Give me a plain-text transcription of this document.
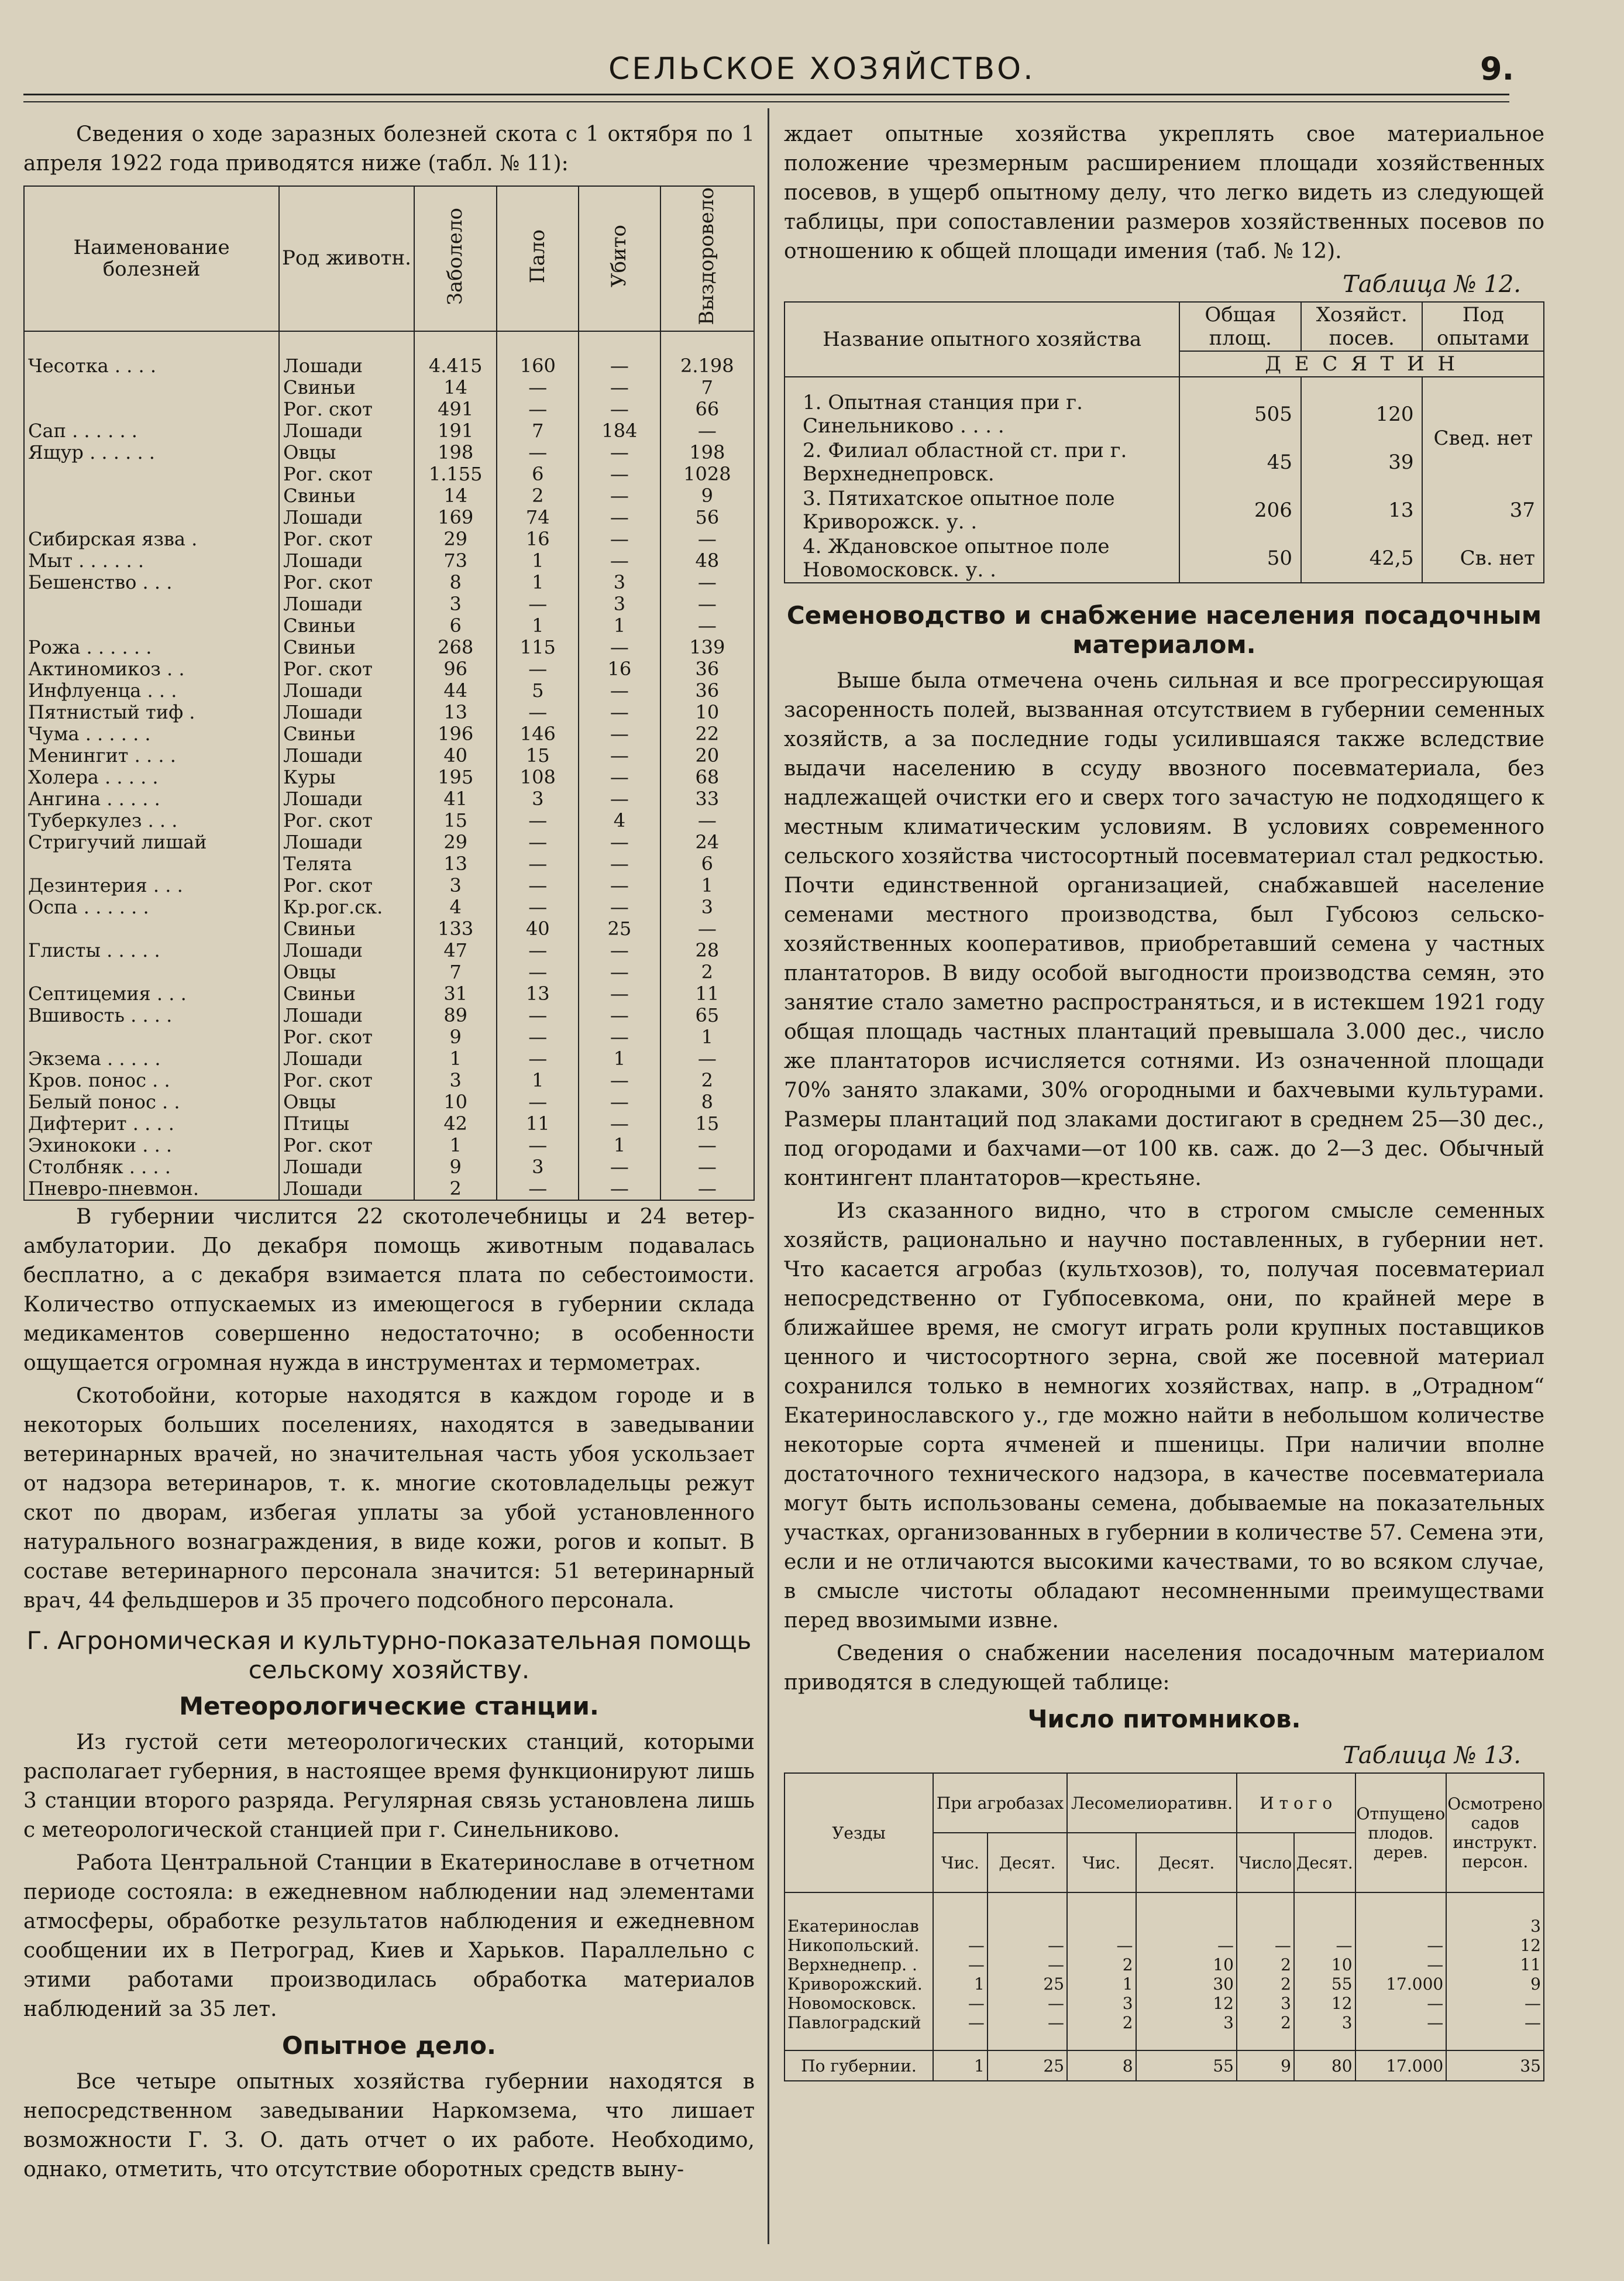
СЕЛЬСКОЕ ХОЗЯЙСТВО.	9.

Сведения о ходе заразных болезней скота с 1 октября по 1 апреля 1922 года приводятся ниже (табл. № 11):

Наименование болезней	Род животн.	Заболело	Пало	Убито	Выздоровело

Чесотка . . . .	Лошади	4.415	160	—	2.198
	Свиньи	14	—	—	7
	Рог. скот	491	—	—	66
Сап . . . . . .	Лошади	191	7	184	—
Ящур . . . . . .	Овцы	198	—	—	198
	Рог. скот	1.155	6	—	1028
	Свиньи	14	2	—	9
	Лошади	169	74	—	56
Сибирская язва .	Рог. скот	29	16	—	—
Мыт . . . . . .	Лошади	73	1	—	48
Бешенство . . .	Рог. скот	8	1	3	—
	Лошади	3	—	3	—
	Свиньи	6	1	1	—
Рожа . . . . . .	Свиньи	268	115	—	139
Актиномикоз . .	Рог. скот	96	—	16	36
Инфлуенца . . .	Лошади	44	5	—	36
Пятнистый тиф .	Лошади	13	—	—	10
Чума . . . . . .	Свиньи	196	146	—	22
Менингит . . . .	Лошади	40	15	—	20
Холера . . . . .	Куры	195	108	—	68
Ангина . . . . .	Лошади	41	3	—	33
Туберкулез . . .	Рог. скот	15	—	4	—
Стригучий лишай	Лошади	29	—	—	24
	Телята	13	—	—	6
Дезинтерия . . .	Рог. скот	3	—	—	1
Оспа . . . . . .	Кр.рог.ск.	4	—	—	3
	Свиньи	133	40	25	—
Глисты . . . . .	Лошади	47	—	—	28
	Овцы	7	—	—	2
Септицемия . . .	Свиньи	31	13	—	11
Вшивость . . . .	Лошади	89	—	—	65
	Рог. скот	9	—	—	1
Экзема . . . . .	Лошади	1	—	1	—
Кров. понос . .	Рог. скот	3	1	—	2
Белый понос . .	Овцы	10	—	—	8
Дифтерит . . . .	Птицы	42	11	—	15
Эхинококи . . .	Рог. скот	1	—	1	—
Столбняк . . . .	Лошади	9	3	—	—
Пневро-пневмон.	Лошади	2	—	—	—

В губернии числится 22 скотолечебницы и 24 ветер-амбулатории. До декабря помощь животным подавалась бесплатно, а с декабря взимается плата по себестоимости. Количество отпускаемых из имеющегося в губернии склада медикаментов совершенно недостаточно; в особенности ощущается огромная нужда в инструментах и термометрах.

Скотобойни, которые находятся в каждом городе и в некоторых больших поселениях, находятся в заведывании ветеринарных врачей, но значительная часть убоя ускользает от надзора ветеринаров, т. к. многие скотовладельцы режут скот по дворам, избегая уплаты за убой установленного натурального вознаграждения, в виде кожи, рогов и копыт. В составе ветеринарного персонала значится: 51 ветеринарный врач, 44 фельдшеров и 35 прочего подсобного персонала.

Г. Агрономическая и культурно-показательная помощь сельскому хозяйству.
Метеорологические станции.

Из густой сети метеорологических станций, которыми располагает губерния, в настоящее время функционируют лишь 3 станции второго разряда. Регулярная связь установлена лишь с метеорологической станцией при г. Синельниково.

Работа Центральной Станции в Екатеринославе в отчетном периоде состояла: в ежедневном наблюдении над элементами атмосферы, обработке результатов наблюдения и ежедневном сообщении их в Петроград, Киев и Харьков. Параллельно с этими работами производилась обработка материалов наблюдений за 35 лет.

Опытное дело.

Все четыре опытных хозяйства губернии находятся в непосредственном заведывании Наркомзема, что лишает возможности Г. З. О. дать отчет о их работе. Необходимо, однако, отметить, что отсутствие оборотных средств выну-

ждает опытные хозяйства укреплять свое материальное положение чрезмерным расширением площади хозяйственных посевов, в ущерб опытному делу, что легко видеть из следующей таблицы, при сопоставлении размеров хозяйственных посевов по отношению к общей площади имения (таб. № 12).

Таблица № 12.
Название опытного хозяйства	Общая площ.	Хозяйст. посев.	Под опытами
	Д Е С Я Т И Н		

1. Опытная станция при г. Синельниково . . . .	505	120	Свед. нет
2. Филиал областной ст. при г. Верхнеднепровск.	45	39	
3. Пятихатское опытное поле Криворожск. у. .	206	13	37
4. Ждановское опытное поле Новомосковск. у. .	50	42,5	Св. нет
Семеноводство и снабжение населения посадочным материалом.

Выше была отмечена очень сильная и все прогрессирующая засоренность полей, вызванная отсутствием в губернии семенных хозяйств, а за последние годы усилившаяся также вследствие выдачи населению в ссуду ввозного посевматериала, без надлежащей очистки его и сверх того зачастую не подходящего к местным климатическим условиям. В условиях современного сельского хозяйства чистосортный посевматериал стал редкостью. Почти единственной организацией, снабжавшей население семенами местного производства, был Губсоюз сельско-хозяйственных кооперативов, приобретавший семена у частных плантаторов. В виду особой выгодности производства семян, это занятие стало заметно распространяться, и в истекшем 1921 году общая площадь частных плантаций превышала 3.000 дес., число же плантаторов исчисляется сотнями. Из означенной площади 70% занято злаками, 30% огородными и бахчевыми культурами. Размеры плантаций под злаками достигают в среднем 25—30 дес., под огородами и бахчами—от 100 кв. саж. до 2—3 дес. Обычный контингент плантаторов—крестьяне.

Из сказанного видно, что в строгом смысле семенных хозяйств, рационально и научно поставленных, в губернии нет. Что касается агробаз (культхозов), то, получая посевматериал непосредственно от Губпосевкома, они, по крайней мере в ближайшее время, не смогут играть роли крупных поставщиков ценного и чистосортного зерна, свой же посевной материал сохранился только в немногих хозяйствах, напр. в „Отрадном“ Екатеринославского у., где можно найти в небольшом количестве некоторые сорта ячменей и пшеницы. При наличии вполне достаточного технического надзора, в качестве посевматериала могут быть использованы семена, добываемые на показательных участках, организованных в губернии в количестве 57. Семена эти, если и не отличаются высокими качествами, то во всяком случае, в смысле чистоты обладают несомненными преимуществами перед ввозимыми извне.

Сведения о снабжении населения посадочным материалом приводятся в следующей таблице:

Число питомников.
Таблица № 13.
Уезды	При агробазах		Лесомелиоративн.		И т о г о		Отпущено плодов. дерев.	Осмотрено садов инструкт. персон.
	Чис.	Десят.	Чис.	Десят.	Число	Десят.		

Екатеринослав								3
Никопольский.	—	—	—	—	—	—	—	12
Верхнеднепр. .	—	—	2	10	2	10	—	11
Криворожский.	1	25	1	30	2	55	17.000	9
Новомосковск.	—	—	3	12	3	12	—	—
Павлоградский	—	—	2	3	2	3	—	—

По губернии.	1	25	8	55	9	80	17.000	35
